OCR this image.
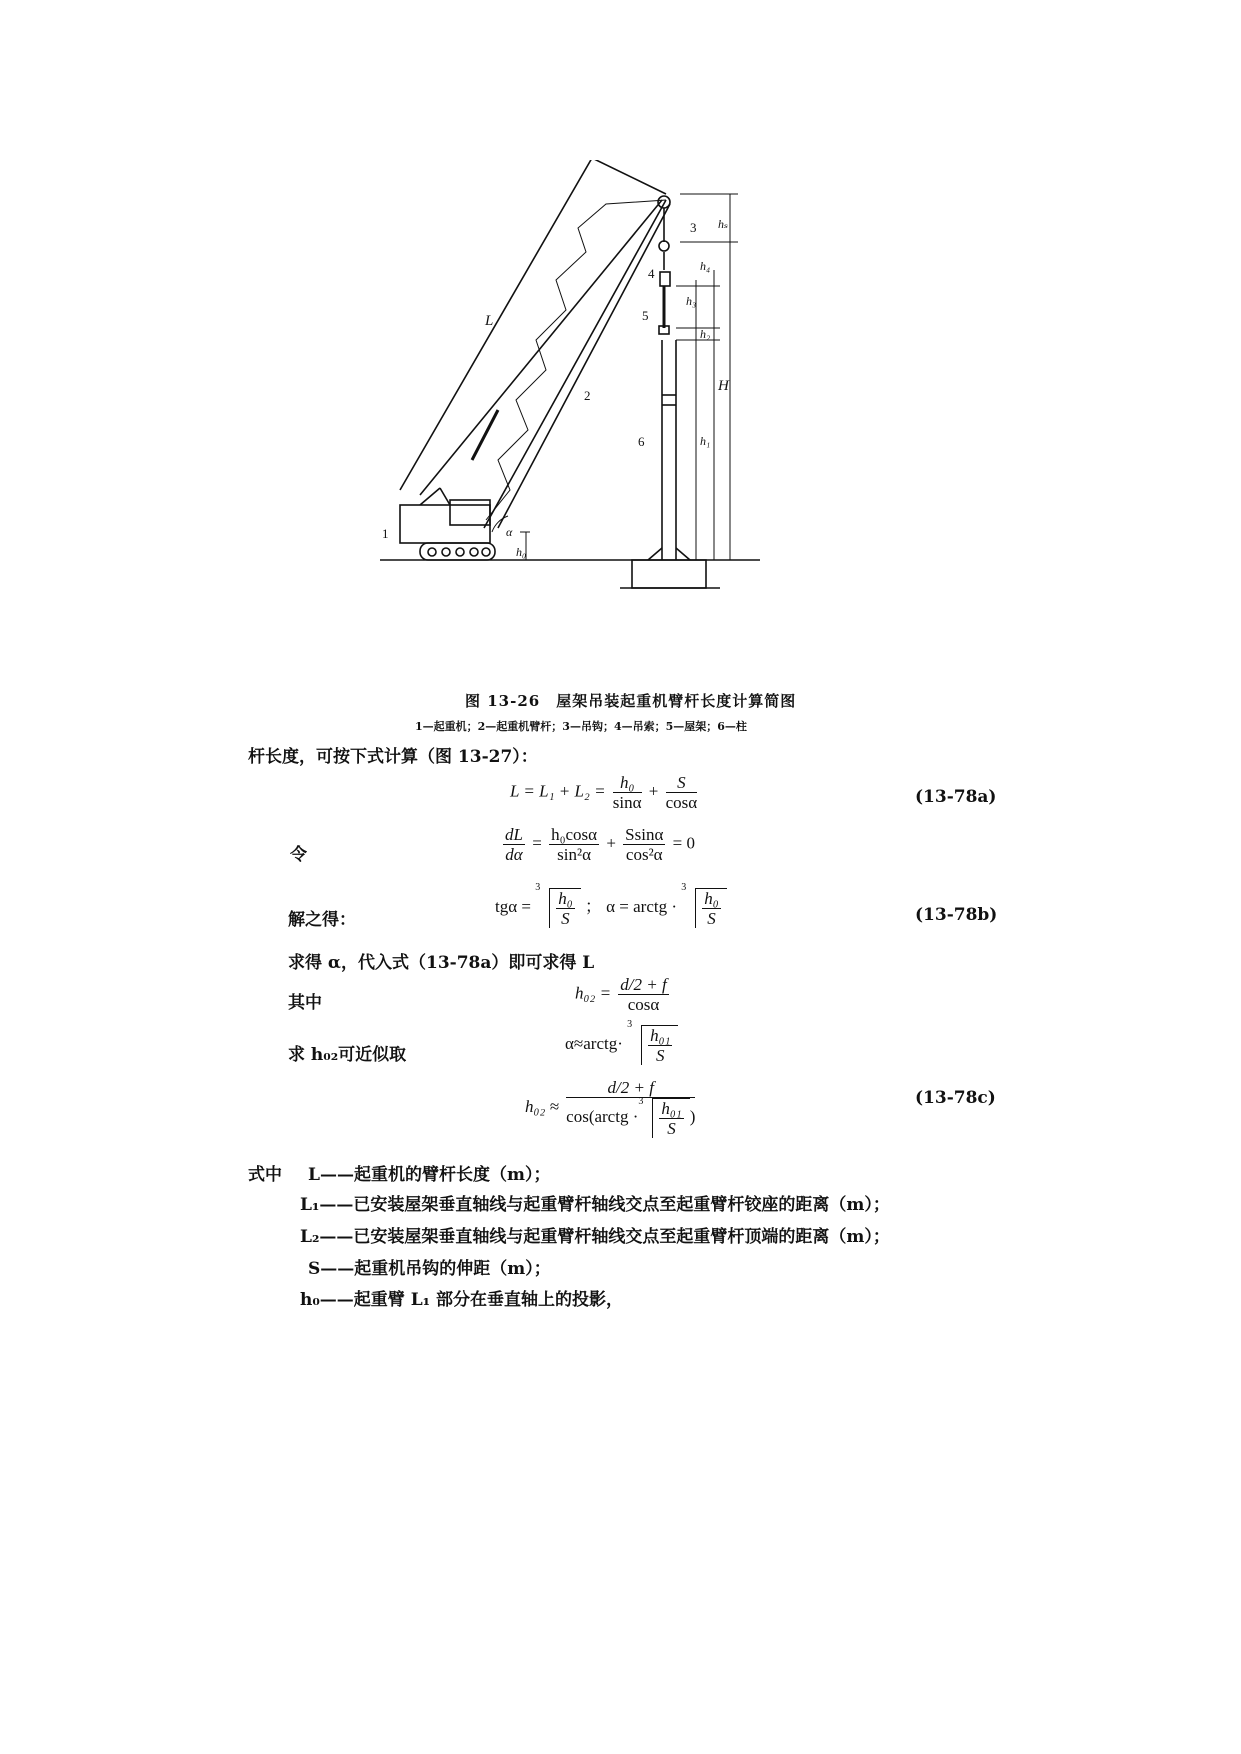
L
h₀
hₛ
h₄
h₃
h₂
h₁
H
α
1
2
3
4
5
6
图 13-26　屋架吊装起重机臂杆长度计算简图
1—起重机；2—起重机臂杆；3—吊钩；4—吊索；5—屋架；6—柱
杆长度，可按下式计算（图 13-27）：
$L = L_1 + L_2 = \frac{\text{h₀}}{\sin\alpha} + \frac{S}{\cos\alpha}$	(13-78a)
令	$\frac{dL}{d\alpha} = \frac{\text{h₀cosα}}{\text{sin²α}} + \frac{Ssin\alpha}{\text{cos²α}} = 0$
解之得：
tgα =
3
$\frac{\text{h₀}}{S}$ ； α = arctg ·
3
$\frac{\text{h₀}}{S}$	(13-78b)
求得 α，代入式（13-78a）即可求得 L
其中
$h_{02} = \frac{d/2 + f}{\cos\alpha}$
求 h₀₂可近似取
α≈arctg·
3
$\frac{\text{h₀₁}}{S}$
h₀₂ ≈ d/2 + f
cos(arctg ·
$3 \frac{\text{h₀₁}}{S}$ )	(13-78c)
式中 L——起重机的臂杆长度（m）；
L₁——已安装屋架垂直轴线与起重臂杆轴线交点至起重臂杆铰座的距离（m）；
L₂——已安装屋架垂直轴线与起重臂杆轴线交点至起重臂杆顶端的距离（m）；
S——起重机吊钩的伸距（m）；
h₀——起重臂 L₁ 部分在垂直轴上的投影，
